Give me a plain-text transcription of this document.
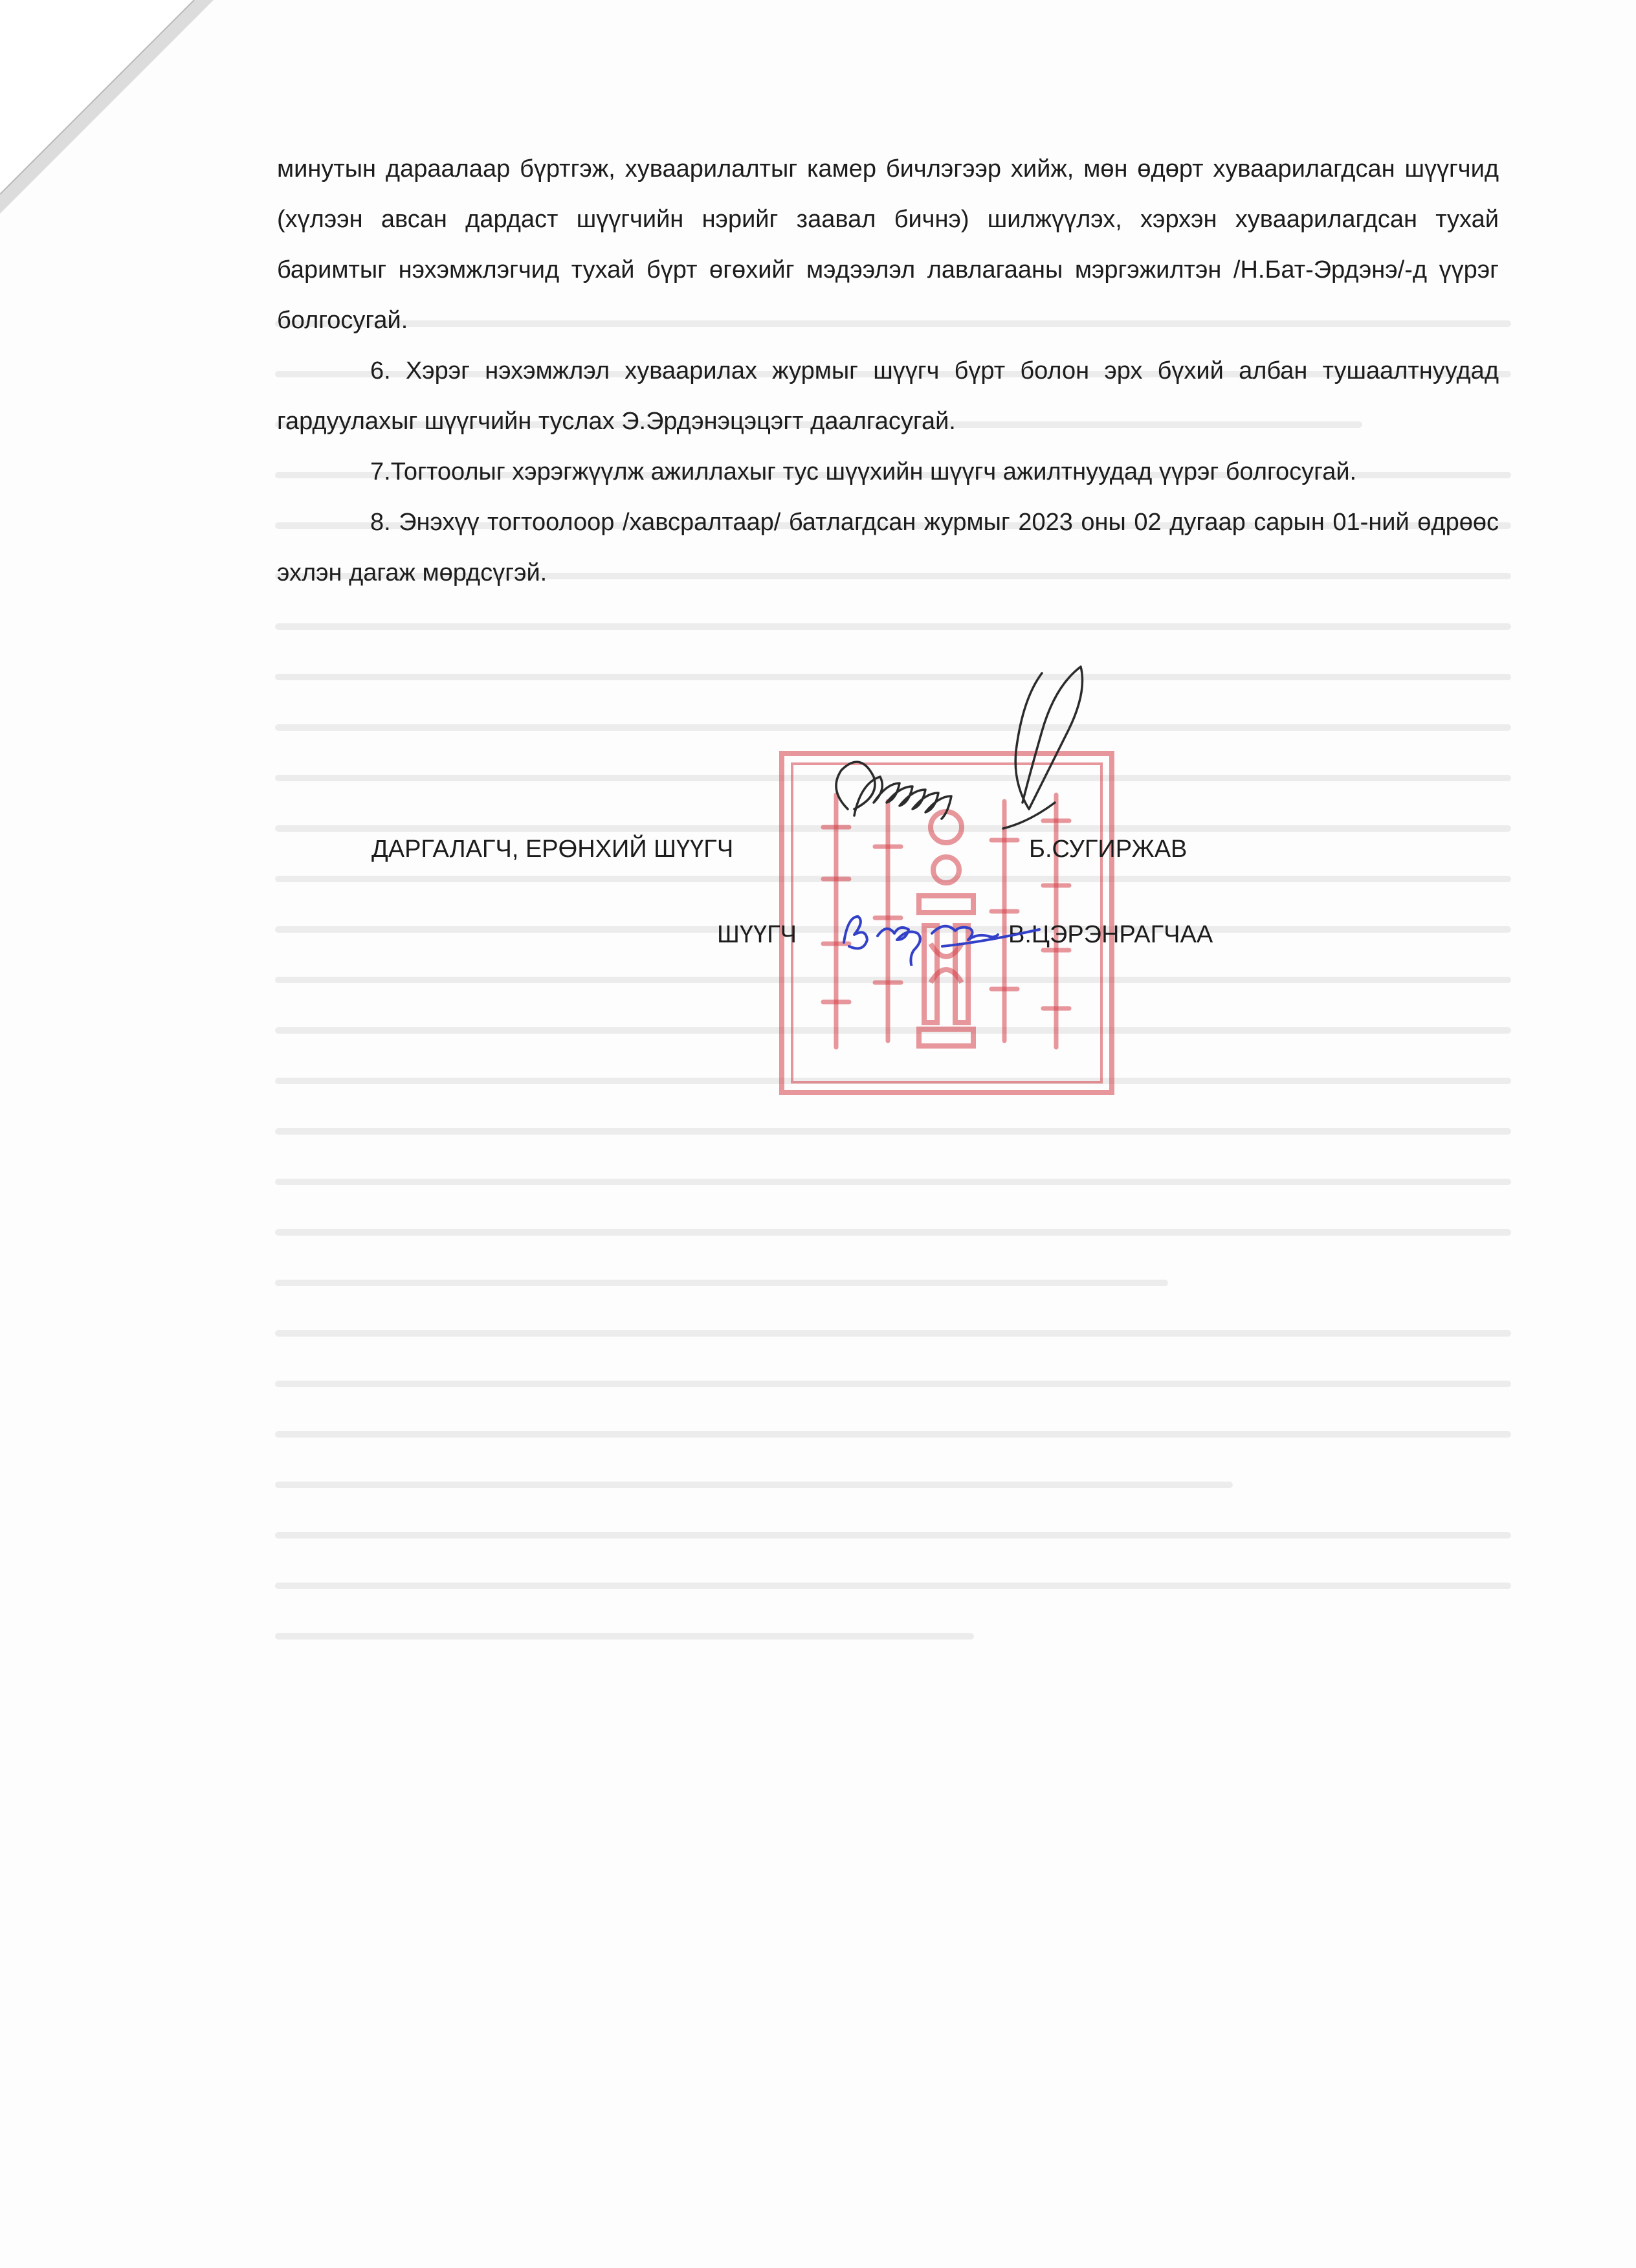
минутын дараалаар бүртгэж, хуваарилалтыг камер бичлэгээр хийж, мөн өдөрт хуваарилагдсан шүүгчид (хүлээн авсан дардаст шүүгчийн нэрийг заавал бичнэ) шилжүүлэх, хэрхэн хуваарилагдсан тухай баримтыг нэхэмжлэгчид тухай бүрт өгөхийг мэдээлэл лавлагааны мэргэжилтэн /Н.Бат-Эрдэнэ/-д үүрэг болгосугай.

6. Хэрэг нэхэмжлэл хуваарилах журмыг шүүгч бүрт болон эрх бүхий албан тушаалтнуудад гардуулахыг шүүгчийн туслах Э.Эрдэнэцэцэгт даалгасугай.

7.Тогтоолыг хэрэгжүүлж ажиллахыг тус шүүхийн шүүгч ажилтнуудад үүрэг болгосугай.

8. Энэхүү тогтоолоор /хавсралтаар/ батлагдсан журмыг 2023 оны 02 дугаар сарын 01-ний өдрөөс эхлэн дагаж мөрдсүгэй.

ДАРГАЛАГЧ, ЕРӨНХИЙ ШҮҮГЧ	Б.СУГИРЖАВ
ШҮҮГЧ	В.ЦЭРЭНРАГЧАА
